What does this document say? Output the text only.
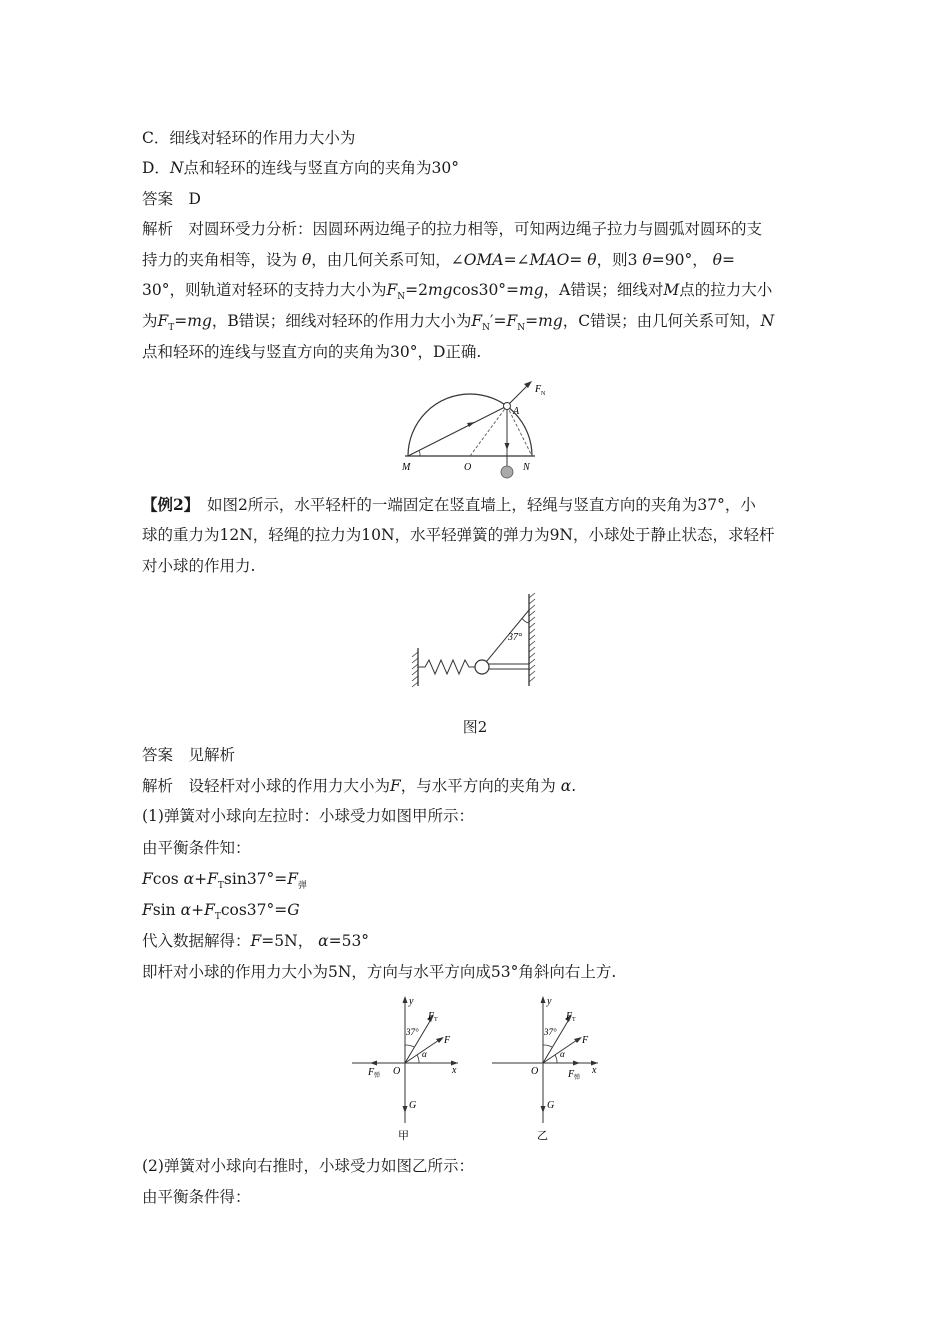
C．细线对轻环的作用力大小为
D．N点和轻环的连线与竖直方向的夹角为30°
答案　D
解析　对圆环受力分析：因圆环两边绳子的拉力相等，可知两边绳子拉力与圆弧对圆环的支
持力的夹角相等，设为 θ，由几何关系可知，∠OMA=∠MAO= θ，则3 θ=90°， θ=
30°，则轨道对轻环的支持力大小为$F_N=2mgcos30^\circ=mg$，A错误；细线对M点的拉力大小
为$F_T=mg$，B错误；细线对轻环的作用力大小为$F_N'=F_N=mg$，C错误；由几何关系可知，N
点和轻环的连线与竖直方向的夹角为30°，D正确.
F N
A
M	O	N
【例2】　如图2所示，水平轻杆的一端固定在竖直墙上，轻绳与竖直方向的夹角为37°，小
球的重力为12N，轻绳的拉力为10N，水平轻弹簧的弹力为9N，小球处于静止状态，求轻杆
对小球的作用力.
37°
图2
答案　见解析
解析　设轻杆对小球的作用力大小为F，与水平方向的夹角为 α.
(1)弹簧对小球向左拉时：小球受力如图甲所示：
由平衡条件知：
Fcos $\alpha+F_T\sin 37^\circ=F_弹$
Fsin $\alpha+F_T\cos 37^\circ=G$
代入数据解得：F=5N， α=53°
即杆对小球的作用力大小为5N，方向与水平方向成53°角斜向右上方.
y
x
O
F T
F
F 弹
G
37°
α
甲
y
x
O
F T
F
F 弹
G
37°
α
乙
(2)弹簧对小球向右推时，小球受力如图乙所示：
由平衡条件得：
